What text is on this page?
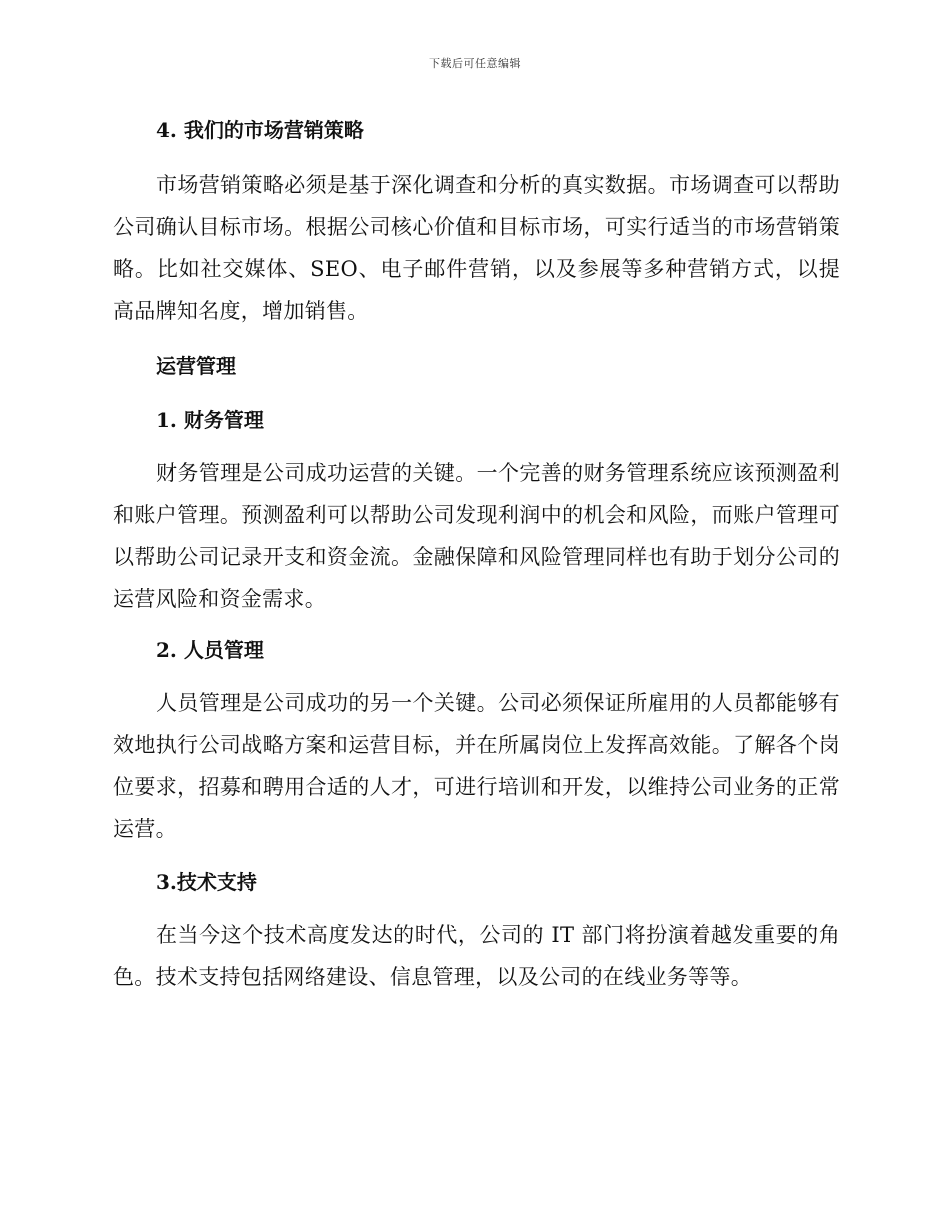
下载后可任意编辑

4. 我们的市场营销策略

市场营销策略必须是基于深化调查和分析的真实数据。市场调查可以帮助公司确认目标市场。根据公司核心价值和目标市场，可实行适当的市场营销策略。比如社交媒体、SEO、电子邮件营销，以及参展等多种营销方式，以提高品牌知名度，增加销售。

运营管理

1. 财务管理

财务管理是公司成功运营的关键。一个完善的财务管理系统应该预测盈利和账户管理。预测盈利可以帮助公司发现利润中的机会和风险，而账户管理可以帮助公司记录开支和资金流。金融保障和风险管理同样也有助于划分公司的运营风险和资金需求。

2. 人员管理

人员管理是公司成功的另一个关键。公司必须保证所雇用的人员都能够有效地执行公司战略方案和运营目标，并在所属岗位上发挥高效能。了解各个岗位要求，招募和聘用合适的人才，可进行培训和开发，以维持公司业务的正常运营。

3.技术支持

在当今这个技术高度发达的时代，公司的 IT 部门将扮演着越发重要的角色。技术支持包括网络建设、信息管理，以及公司的在线业务等等。
